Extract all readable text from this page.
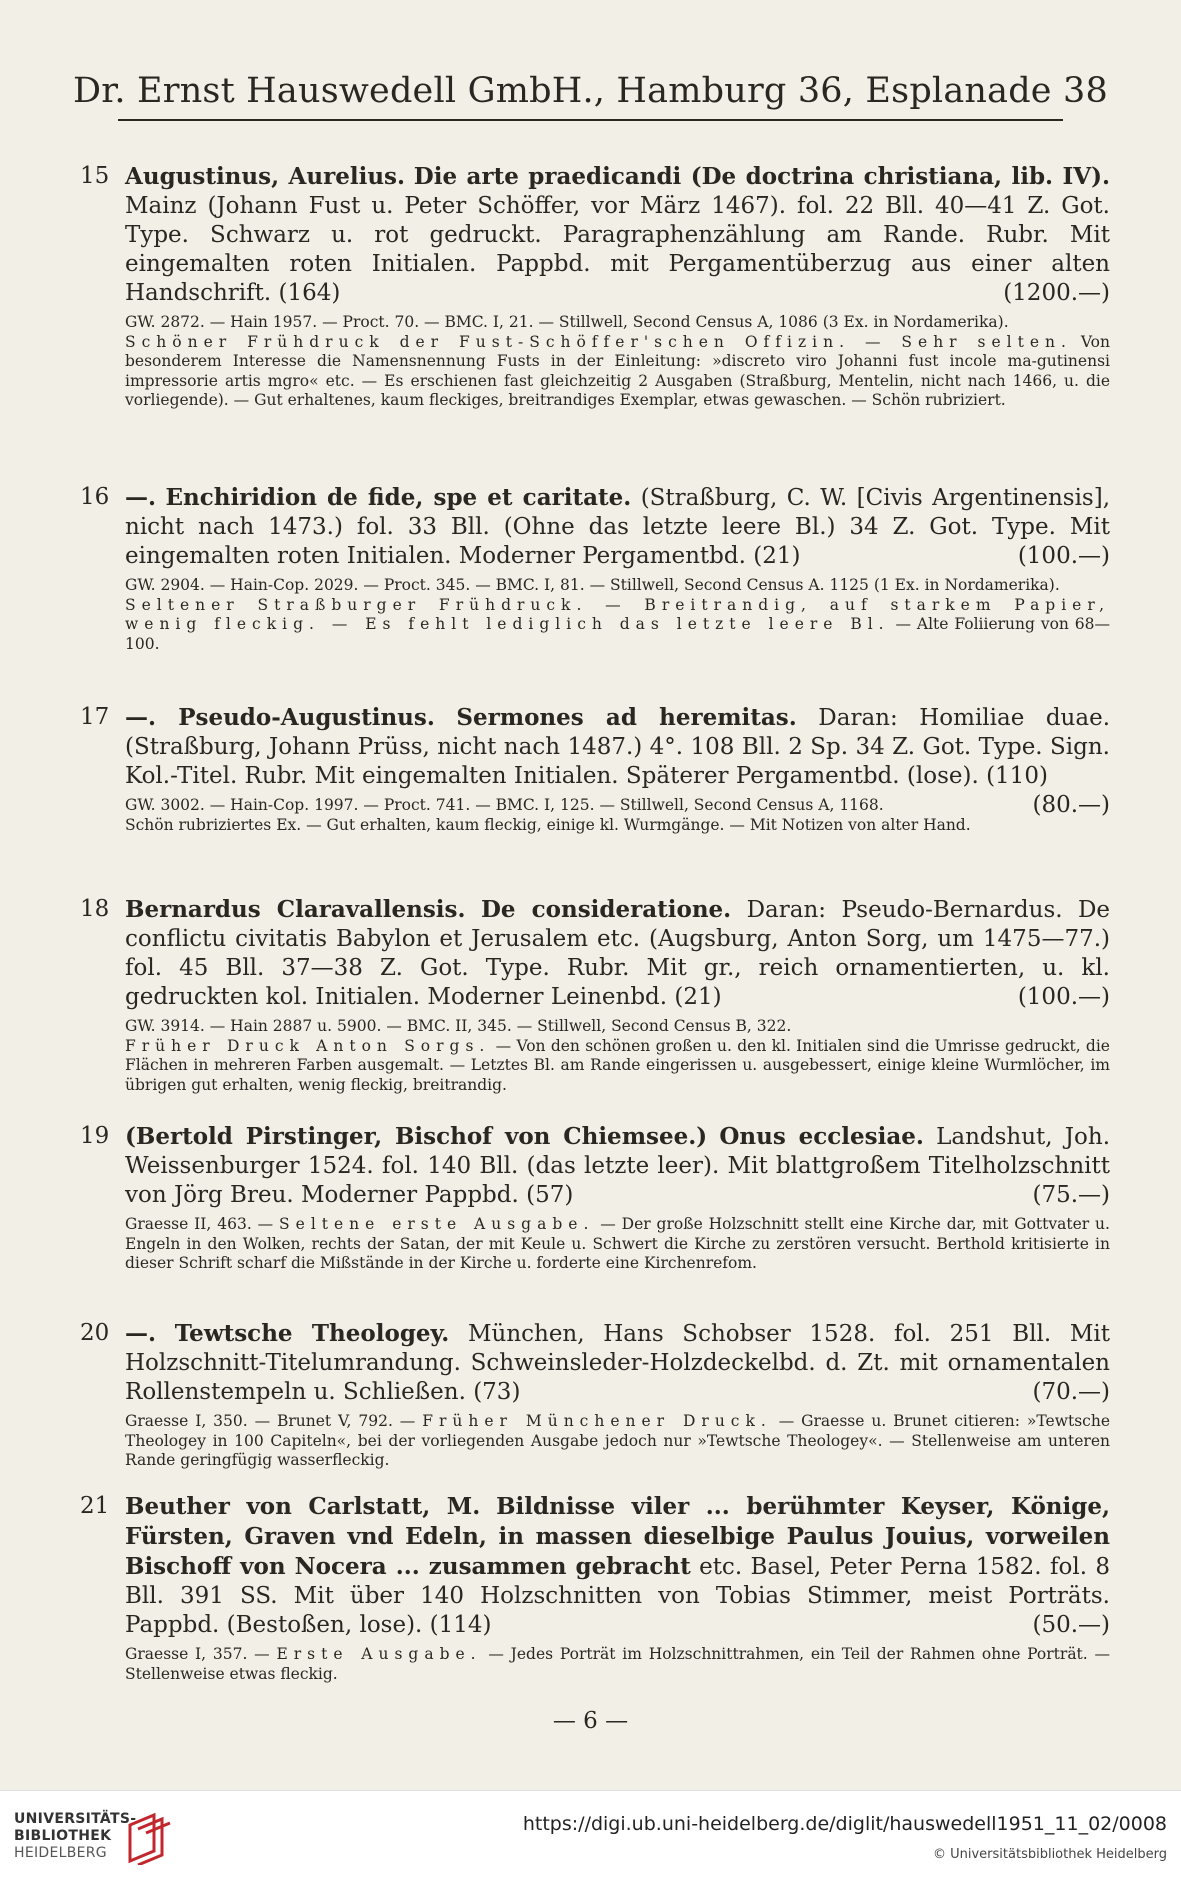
Dr. Ernst Hauswedell GmbH., Hamburg 36, Esplanade 38
15 Augustinus, Aurelius. Die arte praedicandi (De doctrina christiana, lib. IV). Mainz (Johann Fust u. Peter Schöffer, vor März 1467). fol. 22 Bll. 40—41 Z. Got. Type. Schwarz u. rot gedruckt. Paragraphenzählung am Rande. Rubr. Mit eingemalten roten Initialen. Pappbd. mit Pergamentüberzug aus einer alten Handschrift. (164)	(1200.—)

GW. 2872. — Hain 1957. — Proct. 70. — BMC. I, 21. — Stillwell, Second Census A, 1086 (3 Ex. in Nordamerika).
Schöner Frühdruck der Fust-Schöffer'schen Offizin. — Sehr selten. Von besonderem Interesse die Namensnennung Fusts in der Einleitung: »discreto viro Johanni fust incole ma-gutinensi impressorie artis mgro« etc. — Es erschienen fast gleichzeitig 2 Ausgaben (Straßburg, Mentelin, nicht nach 1466, u. die vorliegende). — Gut erhaltenes, kaum fleckiges, breitrandiges Exemplar, etwas gewaschen. — Schön rubriziert.
16 —. Enchiridion de fide, spe et caritate. (Straßburg, C. W. [Civis Argentinensis], nicht nach 1473.) fol. 33 Bll. (Ohne das letzte leere Bl.) 34 Z. Got. Type. Mit eingemalten roten Initialen. Moderner Pergamentbd. (21)	(100.—)

GW. 2904. — Hain-Cop. 2029. — Proct. 345. — BMC. I, 81. — Stillwell, Second Census A. 1125 (1 Ex. in Nordamerika).
Seltener Straßburger Frühdruck. — Breitrandig, auf starkem Papier, wenig fleckig. — Es fehlt lediglich das letzte leere Bl. — Alte Foliierung von 68—100.
17 —. Pseudo-Augustinus. Sermones ad heremitas. Daran: Homiliae duae. (Straßburg, Johann Prüss, nicht nach 1487.) 4°. 108 Bll. 2 Sp. 34 Z. Got. Type. Sign. Kol.-Titel. Rubr. Mit eingemalten Initialen. Späterer Pergamentbd. (lose). (110)
(80.—)

GW. 3002. — Hain-Cop. 1997. — Proct. 741. — BMC. I, 125. — Stillwell, Second Census A, 1168.
Schön rubriziertes Ex. — Gut erhalten, kaum fleckig, einige kl. Wurmgänge. — Mit Notizen von alter Hand.
18 Bernardus Claravallensis. De consideratione. Daran: Pseudo-Bernardus. De conflictu civitatis Babylon et Jerusalem etc. (Augsburg, Anton Sorg, um 1475—77.) fol. 45 Bll. 37—38 Z. Got. Type. Rubr. Mit gr., reich ornamentierten, u. kl. gedruckten kol. Initialen. Moderner Leinenbd. (21)	(100.—)

GW. 3914. — Hain 2887 u. 5900. — BMC. II, 345. — Stillwell, Second Census B, 322.
Früher Druck Anton Sorgs. — Von den schönen großen u. den kl. Initialen sind die Umrisse gedruckt, die Flächen in mehreren Farben ausgemalt. — Letztes Bl. am Rande eingerissen u. ausgebessert, einige kleine Wurmlöcher, im übrigen gut erhalten, wenig fleckig, breitrandig.
19 (Bertold Pirstinger, Bischof von Chiemsee.) Onus ecclesiae. Landshut, Joh. Weissenburger 1524. fol. 140 Bll. (das letzte leer). Mit blattgroßem Titelholzschnitt von Jörg Breu. Moderner Pappbd. (57)	(75.—)

Graesse II, 463. — Seltene erste Ausgabe. — Der große Holzschnitt stellt eine Kirche dar, mit Gottvater u. Engeln in den Wolken, rechts der Satan, der mit Keule u. Schwert die Kirche zu zerstören versucht. Berthold kritisierte in dieser Schrift scharf die Mißstände in der Kirche u. forderte eine Kirchenrefom.
20 —. Tewtsche Theologey. München, Hans Schobser 1528. fol. 251 Bll. Mit Holzschnitt-Titelumrandung. Schweinsleder-Holzdeckelbd. d. Zt. mit ornamentalen Rollenstempeln u. Schließen. (73)	(70.—)

Graesse I, 350. — Brunet V, 792. — Früher Münchener Druck. — Graesse u. Brunet citieren: »Tewtsche Theologey in 100 Capiteln«, bei der vorliegenden Ausgabe jedoch nur »Tewtsche Theologey«. — Stellenweise am unteren Rande geringfügig wasserfleckig.
21 Beuther von Carlstatt, M. Bildnisse viler ... berühmter Keyser, Könige, Fürsten, Graven vnd Edeln, in massen dieselbige Paulus Jouius, vorweilen Bischoff von Nocera ... zusammen gebracht etc. Basel, Peter Perna 1582. fol. 8 Bll. 391 SS. Mit über 140 Holzschnitten von Tobias Stimmer, meist Porträts. Pappbd. (Bestoßen, lose). (114)	(50.—)

Graesse I, 357. — Erste Ausgabe. — Jedes Porträt im Holzschnittrahmen, ein Teil der Rahmen ohne Porträt. — Stellenweise etwas fleckig.
— 6 —
UNIVERSITÄTS-
BIBLIOTHEK
HEIDELBERG
https://digi.ub.uni-heidelberg.de/diglit/hauswedell1951_11_02/0008
© Universitätsbibliothek Heidelberg
